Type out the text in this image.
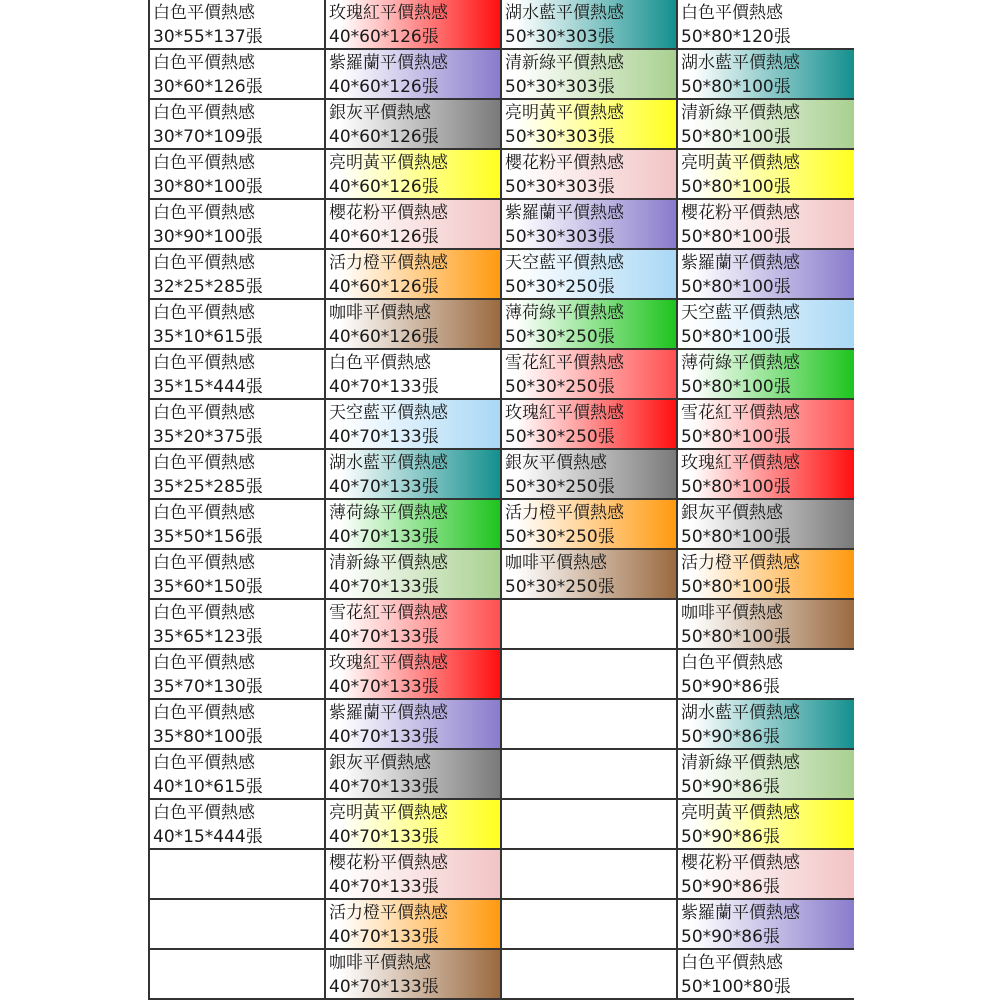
白色平價熱感
30*55*137張
玫瑰紅平價熱感
40*60*126張
湖水藍平價熱感
50*30*303張
白色平價熱感
50*80*120張
白色平價熱感
30*60*126張
紫羅蘭平價熱感
40*60*126張
清新綠平價熱感
50*30*303張
湖水藍平價熱感
50*80*100張
白色平價熱感
30*70*109張
銀灰平價熱感
40*60*126張
亮明黃平價熱感
50*30*303張
清新綠平價熱感
50*80*100張
白色平價熱感
30*80*100張
亮明黃平價熱感
40*60*126張
櫻花粉平價熱感
50*30*303張
亮明黃平價熱感
50*80*100張
白色平價熱感
30*90*100張
櫻花粉平價熱感
40*60*126張
紫羅蘭平價熱感
50*30*303張
櫻花粉平價熱感
50*80*100張
白色平價熱感
32*25*285張
活力橙平價熱感
40*60*126張
天空藍平價熱感
50*30*250張
紫羅蘭平價熱感
50*80*100張
白色平價熱感
35*10*615張
咖啡平價熱感
40*60*126張
薄荷綠平價熱感
50*30*250張
天空藍平價熱感
50*80*100張
白色平價熱感
35*15*444張
白色平價熱感
40*70*133張
雪花紅平價熱感
50*30*250張
薄荷綠平價熱感
50*80*100張
白色平價熱感
35*20*375張
天空藍平價熱感
40*70*133張
玫瑰紅平價熱感
50*30*250張
雪花紅平價熱感
50*80*100張
白色平價熱感
35*25*285張
湖水藍平價熱感
40*70*133張
銀灰平價熱感
50*30*250張
玫瑰紅平價熱感
50*80*100張
白色平價熱感
35*50*156張
薄荷綠平價熱感
40*70*133張
活力橙平價熱感
50*30*250張
銀灰平價熱感
50*80*100張
白色平價熱感
35*60*150張
清新綠平價熱感
40*70*133張
咖啡平價熱感
50*30*250張
活力橙平價熱感
50*80*100張
白色平價熱感
35*65*123張
雪花紅平價熱感
40*70*133張
咖啡平價熱感
50*80*100張
白色平價熱感
35*70*130張
玫瑰紅平價熱感
40*70*133張
白色平價熱感
50*90*86張
白色平價熱感
35*80*100張
紫羅蘭平價熱感
40*70*133張
湖水藍平價熱感
50*90*86張
白色平價熱感
40*10*615張
銀灰平價熱感
40*70*133張
清新綠平價熱感
50*90*86張
白色平價熱感
40*15*444張
亮明黃平價熱感
40*70*133張
亮明黃平價熱感
50*90*86張
櫻花粉平價熱感
40*70*133張
櫻花粉平價熱感
50*90*86張
活力橙平價熱感
40*70*133張
紫羅蘭平價熱感
50*90*86張
咖啡平價熱感
40*70*133張
白色平價熱感
50*100*80張
